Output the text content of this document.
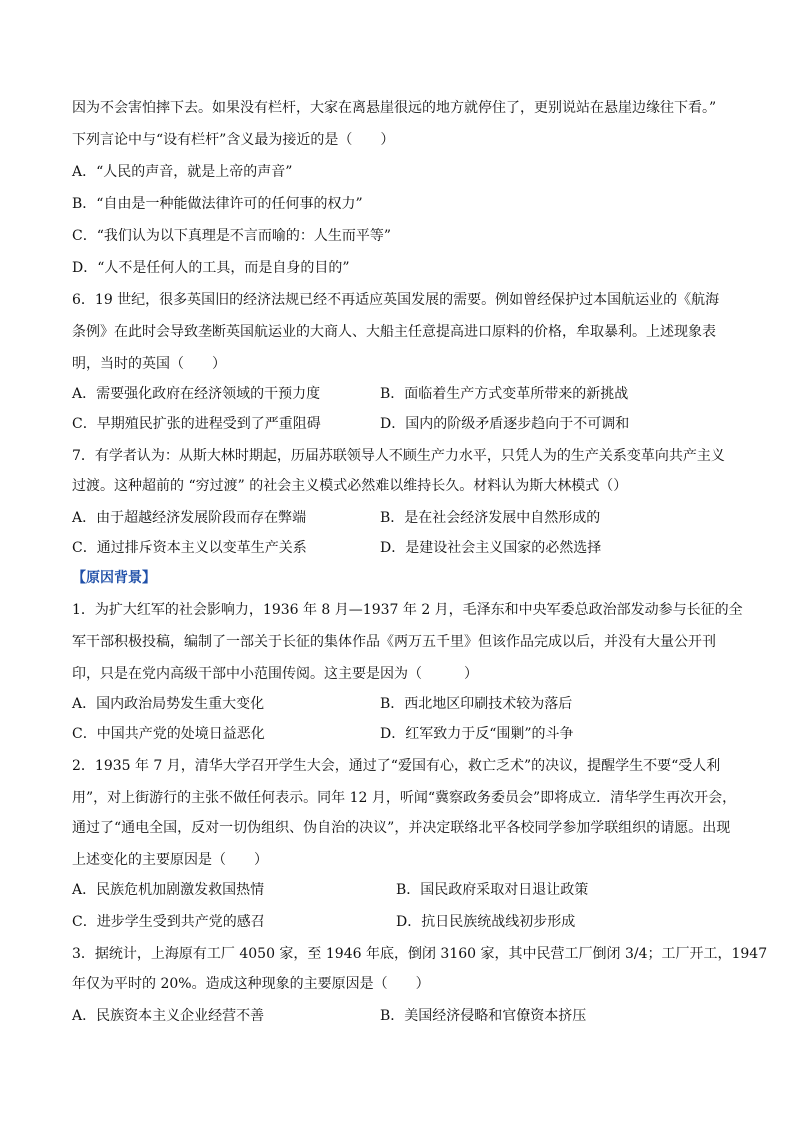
因为不会害怕摔下去。如果没有栏杆，大家在离悬崖很远的地方就停住了，更别说站在悬崖边缘往下看。”
下列言论中与“设有栏杆”含义最为接近的是（　　）
A．“人民的声音，就是上帝的声音”
B．“自由是一种能做法律许可的任何事的权力”
C．“我们认为以下真理是不言而喻的：人生而平等”
D．“人不是任何人的工具，而是自身的目的”
6．19 世纪，很多英国旧的经济法规已经不再适应英国发展的需要。例如曾经保护过本国航运业的《航海
条例》在此时会导致垄断英国航运业的大商人、大船主任意提高进口原料的价格，牟取暴利。上述现象表
明，当时的英国（　　）
A．需要强化政府在经济领域的干预力度	B．面临着生产方式变革所带来的新挑战
C．早期殖民扩张的进程受到了严重阻碍	D．国内的阶级矛盾逐步趋向于不可调和
7．有学者认为：从斯大林时期起，历届苏联领导人不顾生产力水平，只凭人为的生产关系变革向共产主义
过渡。这种超前的 “穷过渡” 的社会主义模式必然难以维持长久。材料认为斯大林模式（）
A．由于超越经济发展阶段而存在弊端	B．是在社会经济发展中自然形成的
C．通过排斥资本主义以变革生产关系	D．是建设社会主义国家的必然选择
【原因背景】
1．为扩大红军的社会影响力，1936 年 8 月—1937 年 2 月，毛泽东和中央军委总政治部发动参与长征的全
军干部积极投稿，编制了一部关于长征的集体作品《两万五千里》但该作品完成以后，并没有大量公开刊
印，只是在党内高级干部中小范围传阅。这主要是因为（　　　）
A．国内政治局势发生重大变化	B．西北地区印刷技术较为落后
C．中国共产党的处境日益恶化	D．红军致力于反“围剿”的斗争
2．1935 年 7 月，清华大学召开学生大会，通过了“爱国有心，救亡乏术”的决议，提醒学生不要“受人利
用”，对上街游行的主张不做任何表示。同年 12 月，听闻“冀察政务委员会”即将成立．清华学生再次开会，
通过了“通电全国，反对一切伪组织、伪自治的决议”，并决定联络北平各校同学参加学联组织的请愿。出现
上述变化的主要原因是（　　）
A．民族危机加剧激发救国热情	B．国民政府采取对日退让政策
C．进步学生受到共产党的感召	D．抗日民族统战线初步形成
3．据统计，上海原有工厂 4050 家，至 1946 年底，倒闭 3160 家，其中民营工厂倒闭 3/4；工厂开工，1947
年仅为平时的 20%。造成这种现象的主要原因是（　　）
A．民族资本主义企业经营不善	B．美国经济侵略和官僚资本挤压
